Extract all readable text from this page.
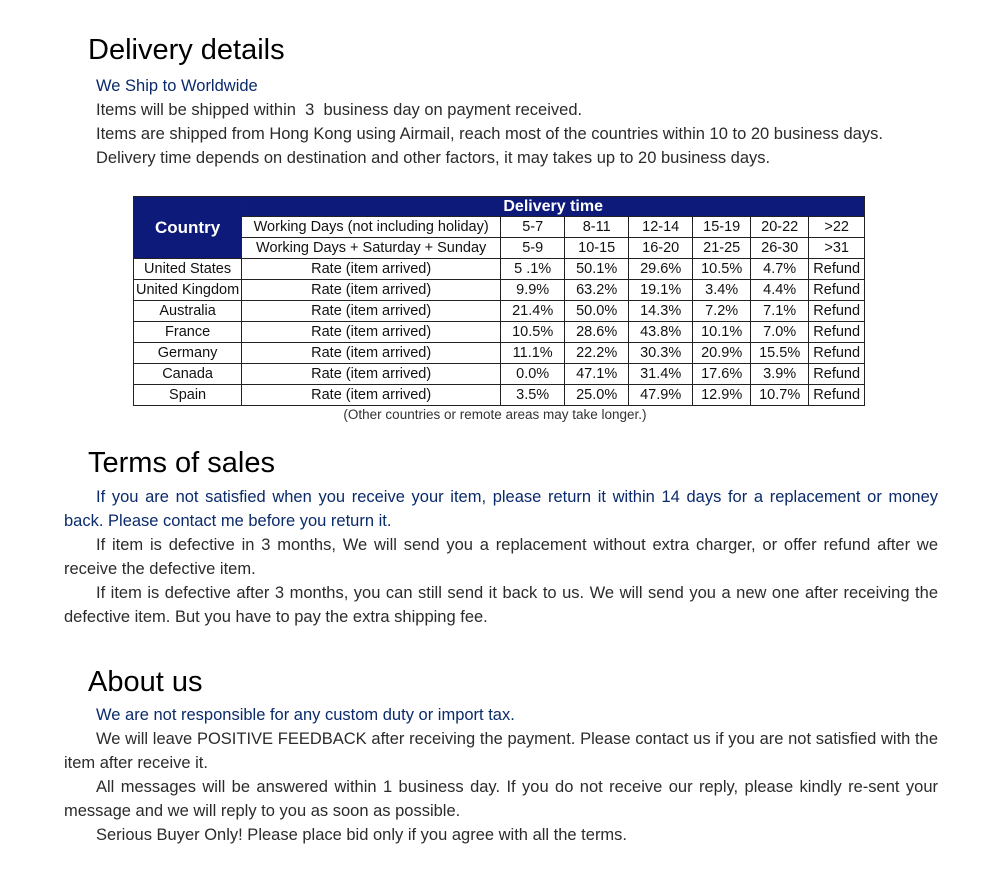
Delivery details

We Ship to Worldwide

Items will be shipped within  3  business day on payment received.

Items are shipped from Hong Kong using Airmail, reach most of the countries within 10 to 20 business days.

Delivery time depends on destination and other factors, it may takes up to 20 business days.

Country	Delivery time						
	Working Days (not including holiday)	5-7	8-11	12-14	15-19	20-22	>22
	Working Days + Saturday + Sunday	5-9	10-15	16-20	21-25	26-30	>31
United States	Rate (item arrived)	5 .1%	50.1%	29.6%	10.5%	4.7%	Refund
United Kingdom	Rate (item arrived)	9.9%	63.2%	19.1%	3.4%	4.4%	Refund
Australia	Rate (item arrived)	21.4%	50.0%	14.3%	7.2%	7.1%	Refund
France	Rate (item arrived)	10.5%	28.6%	43.8%	10.1%	7.0%	Refund
Germany	Rate (item arrived)	11.1%	22.2%	30.3%	20.9%	15.5%	Refund
Canada	Rate (item arrived)	0.0%	47.1%	31.4%	17.6%	3.9%	Refund
Spain	Rate (item arrived)	3.5%	25.0%	47.9%	12.9%	10.7%	Refund
(Other countries or remote areas may take longer.)
Terms of sales

If you are not satisfied when you receive your item, please return it within 14 days for a replacement or money back. Please contact me before you return it.

If item is defective in 3 months, We will send you a replacement without extra charger, or offer refund after we receive the defective item.

If item is defective after 3 months, you can still send it back to us. We will send you a new one after receiving the defective item. But you have to pay the extra shipping fee.

About us

We are not responsible for any custom duty or import tax.

We will leave POSITIVE FEEDBACK after receiving the payment. Please contact us if you are not satisfied with the item after receive it.

All messages will be answered within 1 business day. If you do not receive our reply, please kindly re-sent your message and we will reply to you as soon as possible.

Serious Buyer Only! Please place bid only if you agree with all the terms.
